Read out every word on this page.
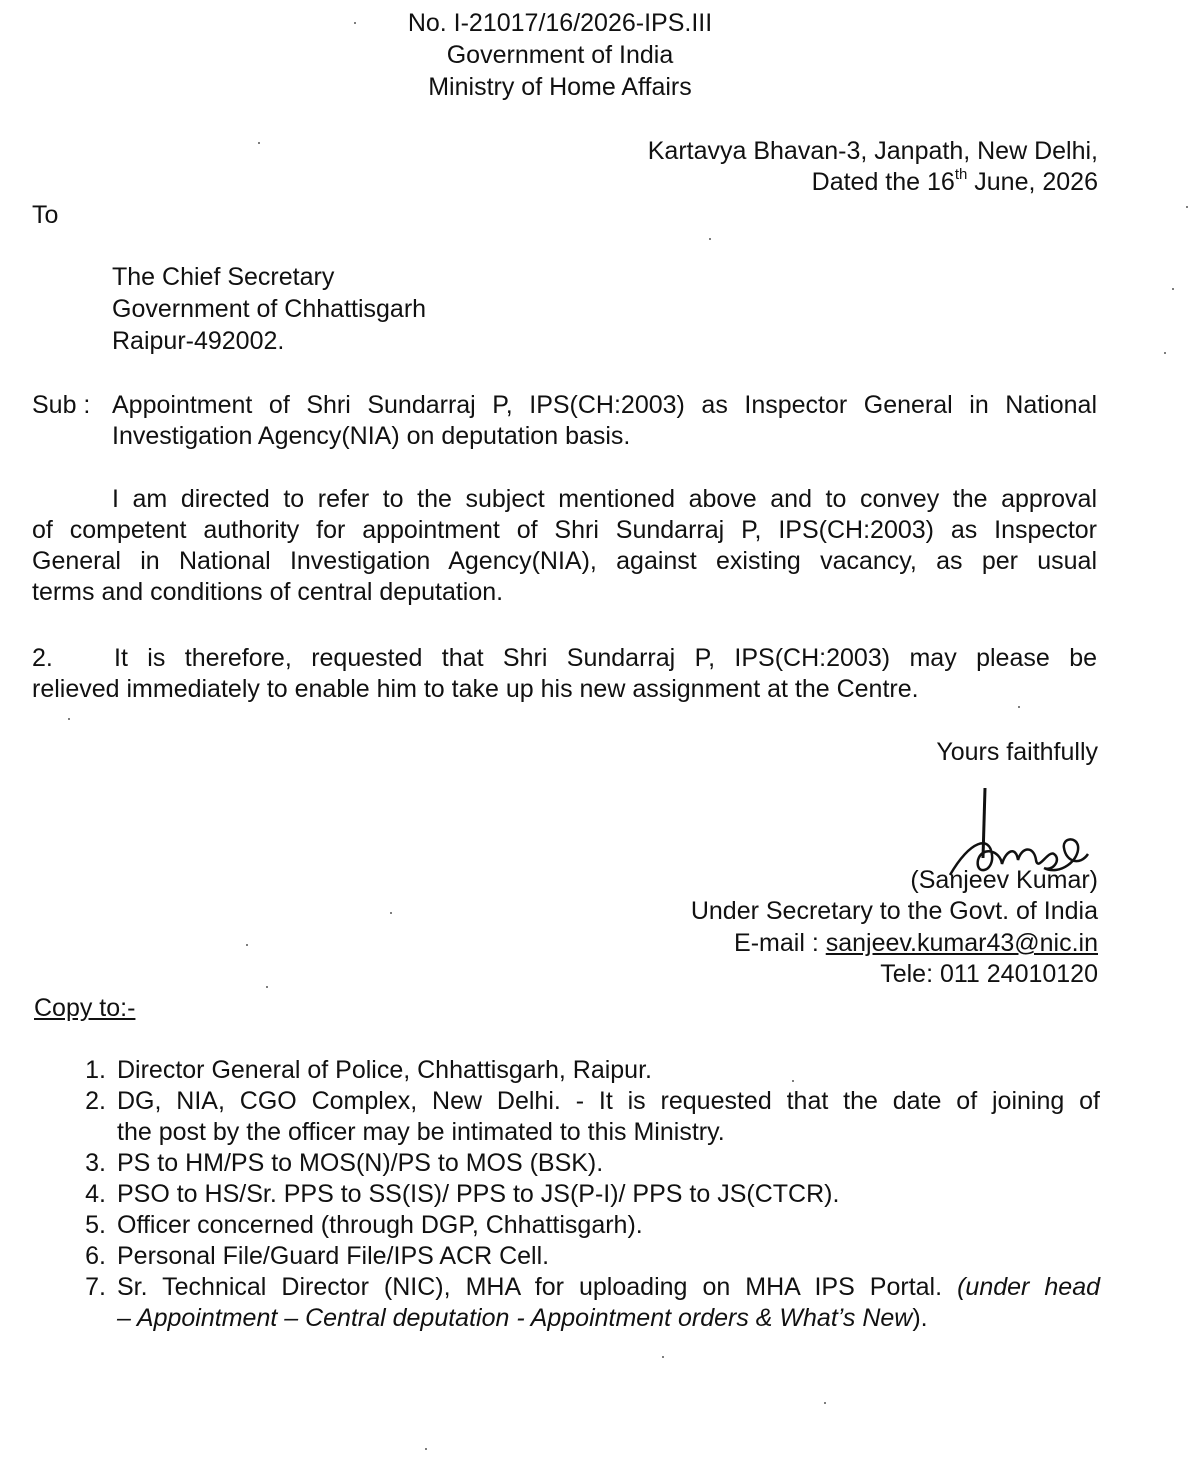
No. I-21017/16/2026-IPS.III
Government of India
Ministry of Home Affairs
Kartavya Bhavan-3, Janpath, New Delhi,
Dated the 16th June, 2026
To
The Chief Secretary
Government of Chhattisgarh
Raipur-492002.
Sub : Appointment of Shri Sundarraj P, IPS(CH:2003) as Inspector General in National
Investigation Agency(NIA) on deputation basis.
I am directed to refer to the subject mentioned above and to convey the approval
of competent authority for appointment of Shri Sundarraj P, IPS(CH:2003) as Inspector
General in National Investigation Agency(NIA), against existing vacancy, as per usual
terms and conditions of central deputation.
2.	It is therefore, requested that Shri Sundarraj P, IPS(CH:2003) may please be
relieved immediately to enable him to take up his new assignment at the Centre.
Yours faithfully
(Sanjeev Kumar)
Under Secretary to the Govt. of India
E-mail : sanjeev.kumar43@nic.in
Tele: 011 24010120
Copy to:-
1. Director General of Police, Chhattisgarh, Raipur.
2. DG, NIA, CGO Complex, New Delhi. - It is requested that the date of joining of
the post by the officer may be intimated to this Ministry.
3. PS to HM/PS to MOS(N)/PS to MOS (BSK).
4. PSO to HS/Sr. PPS to SS(IS)/ PPS to JS(P-I)/ PPS to JS(CTCR).
5. Officer concerned (through DGP, Chhattisgarh).
6. Personal File/Guard File/IPS ACR Cell.
7. Sr. Technical Director (NIC), MHA for uploading on MHA IPS Portal. (under head
– Appointment – Central deputation - Appointment orders & What’s New).
